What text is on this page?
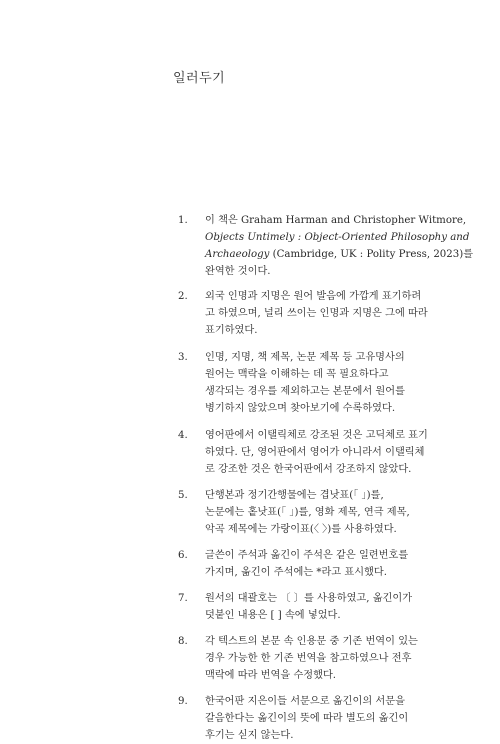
일러두기
1. 이 책은 Graham Harman and Christopher Witmore,
Objects Untimely : Object-Oriented Philosophy and
Archaeology (Cambridge, UK : Polity Press, 2023)를
완역한 것이다.
2. 외국 인명과 지명은 원어 발음에 가깝게 표기하려
고 하였으며, 널리 쓰이는 인명과 지명은 그에 따라
표기하였다.
3. 인명, 지명, 책 제목, 논문 제목 등 고유명사의
원어는 맥락을 이해하는 데 꼭 필요하다고
생각되는 경우를 제외하고는 본문에서 원어를
병기하지 않았으며 찾아보기에 수록하였다.
4. 영어판에서 이탤릭체로 강조된 것은 고딕체로 표기
하였다. 단, 영어판에서 영어가 아니라서 이탤릭체
로 강조한 것은 한국어판에서 강조하지 않았다.
5. 단행본과 정기간행물에는 겹낫표(「 」)를,
논문에는 홑낫표(「 」)를, 영화 제목, 연극 제목,
악곡 제목에는 가랑이표(〈 〉)를 사용하였다.
6. 글쓴이 주석과 옮긴이 주석은 같은 일련번호를
가지며, 옮긴이 주석에는 *라고 표시했다.
7. 원서의 대괄호는 〔 〕를 사용하였고, 옮긴이가
덧붙인 내용은 [ ] 속에 넣었다.
8. 각 텍스트의 본문 속 인용문 중 기존 번역이 있는
경우 가능한 한 기존 번역을 참고하였으나 전후
맥락에 따라 번역을 수정했다.
9. 한국어판 지은이들 서문으로 옮긴이의 서문을
갈음한다는 옮긴이의 뜻에 따라 별도의 옮긴이
후기는 싣지 않는다.
